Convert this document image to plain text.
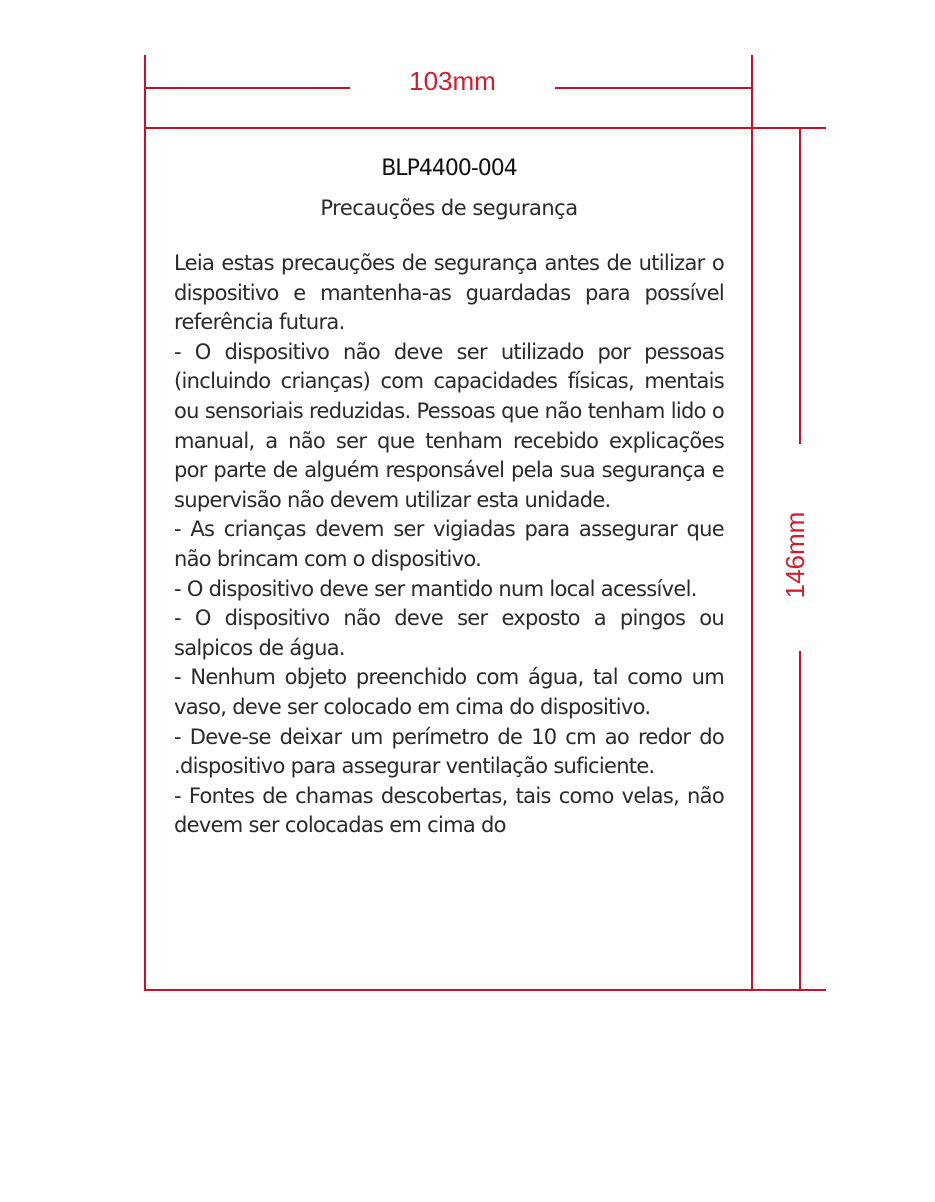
103mm
146mm
BLP4400-004
Precauções de segurança

Leia estas precauções de segurança antes de utilizar o dispositivo e mantenha-as guardadas para possível referência futura.

- O dispositivo não deve ser utilizado por pessoas (incluindo crianças) com capacidades físicas, mentais ou sensoriais reduzidas. Pessoas que não tenham lido o manual, a não ser que tenham recebido explicações por parte de alguém responsável pela sua segurança e supervisão não devem utilizar esta unidade.

- As crianças devem ser vigiadas para assegurar que não brincam com o dispositivo.

- O dispositivo deve ser mantido num local acessível.

- O dispositivo não deve ser exposto a pingos ou salpicos de água.

- Nenhum objeto preenchido com água, tal como um vaso, deve ser colocado em cima do dispositivo.

- Deve-se deixar um perímetro de 10 cm ao redor do .dispositivo para assegurar ventilação suficiente.

- Fontes de chamas descobertas, tais como velas, não devem ser colocadas em cima do
